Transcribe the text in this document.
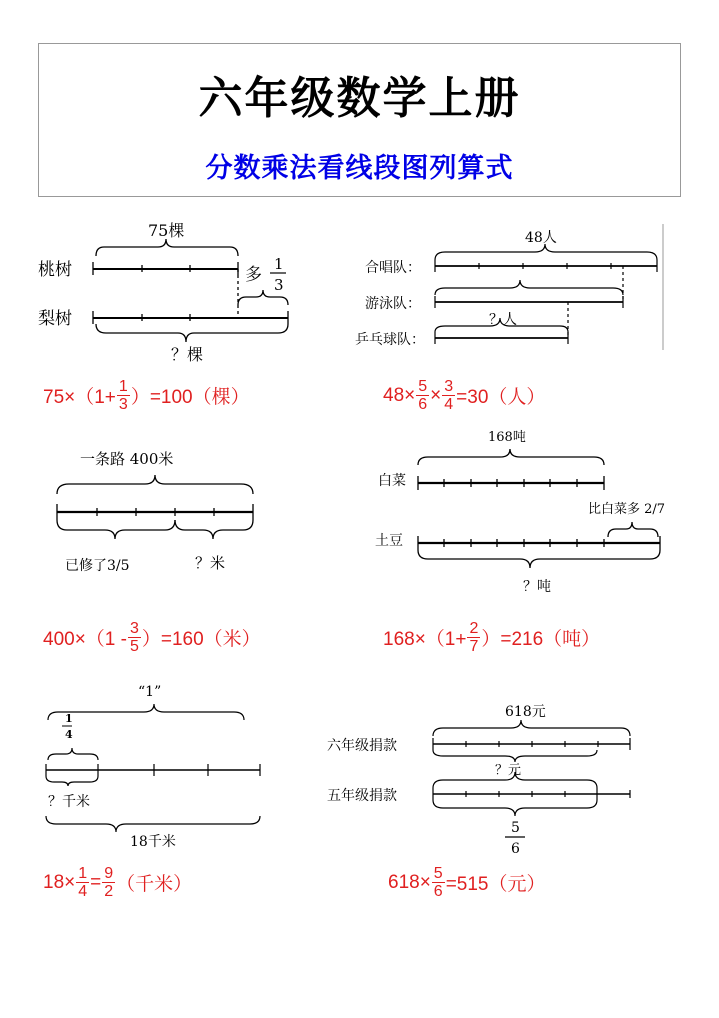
六年级数学上册
分数乘法看线段图列算式
75棵
桃树
梨树
多
1
3
？棵
$75\times(1+ \frac{1}{3} )=100$（棵）
48人
合唱队：
游泳队：
乒乓球队：
？人
$48\times \frac{5}{6} \times \frac{3}{4} =30$（人）
一条路 400米
已修了3/5	？米
$400\times(1 - \frac{3}{5} )=160$（米）
168吨
白菜
土豆
比白菜多 2/7
？吨
$168\times(1+ \frac{2}{7} )=216$（吨）
“1”
1
4
？千米
18千米
$18\times \frac{1}{4} = \frac{9}{2}$ （千米）
618元
六年级捐款
五年级捐款
？元
5
6
$618\times \frac{5}{6} =515$（元）
